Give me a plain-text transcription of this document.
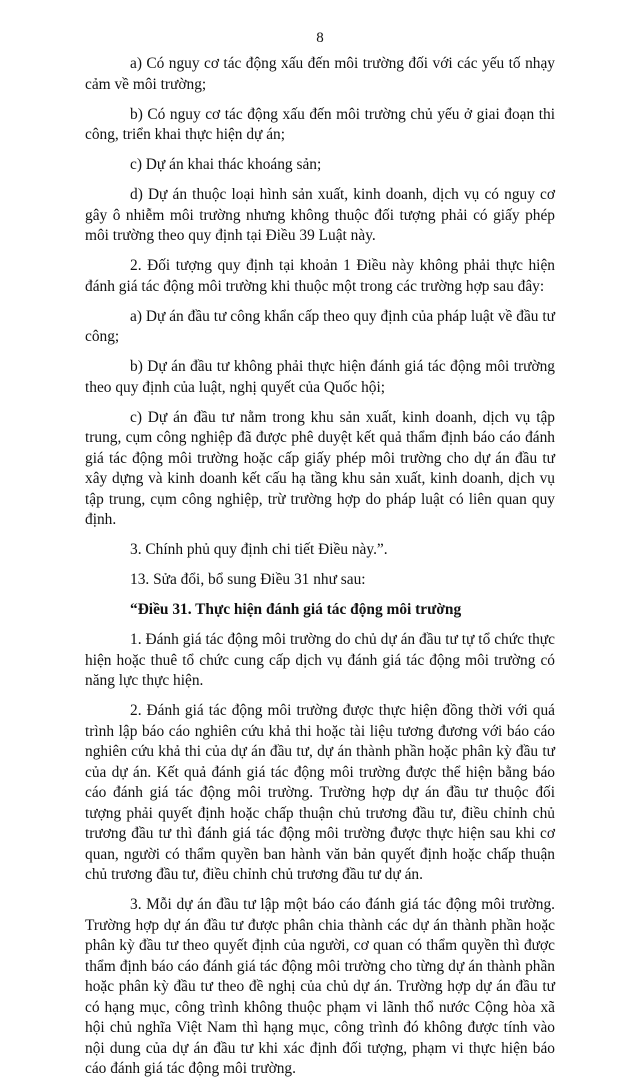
8

a) Có nguy cơ tác động xấu đến môi trường đối với các yếu tố nhạy cảm về môi trường;

b) Có nguy cơ tác động xấu đến môi trường chủ yếu ở giai đoạn thi công, triển khai thực hiện dự án;

c) Dự án khai thác khoáng sản;

d) Dự án thuộc loại hình sản xuất, kinh doanh, dịch vụ có nguy cơ gây ô nhiễm môi trường nhưng không thuộc đối tượng phải có giấy phép môi trường theo quy định tại Điều 39 Luật này.

2. Đối tượng quy định tại khoản 1 Điều này không phải thực hiện đánh giá tác động môi trường khi thuộc một trong các trường hợp sau đây:

a) Dự án đầu tư công khẩn cấp theo quy định của pháp luật về đầu tư công;

b) Dự án đầu tư không phải thực hiện đánh giá tác động môi trường theo quy định của luật, nghị quyết của Quốc hội;

c) Dự án đầu tư nằm trong khu sản xuất, kinh doanh, dịch vụ tập trung, cụm công nghiệp đã được phê duyệt kết quả thẩm định báo cáo đánh giá tác động môi trường hoặc cấp giấy phép môi trường cho dự án đầu tư xây dựng và kinh doanh kết cấu hạ tầng khu sản xuất, kinh doanh, dịch vụ tập trung, cụm công nghiệp, trừ trường hợp do pháp luật có liên quan quy định.

3. Chính phủ quy định chi tiết Điều này.”.

13. Sửa đổi, bổ sung Điều 31 như sau:

“Điều 31. Thực hiện đánh giá tác động môi trường

1. Đánh giá tác động môi trường do chủ dự án đầu tư tự tổ chức thực hiện hoặc thuê tổ chức cung cấp dịch vụ đánh giá tác động môi trường có năng lực thực hiện.

2. Đánh giá tác động môi trường được thực hiện đồng thời với quá trình lập báo cáo nghiên cứu khả thi hoặc tài liệu tương đương với báo cáo nghiên cứu khả thi của dự án đầu tư, dự án thành phần hoặc phân kỳ đầu tư của dự án. Kết quả đánh giá tác động môi trường được thể hiện bằng báo cáo đánh giá tác động môi trường. Trường hợp dự án đầu tư thuộc đối tượng phải quyết định hoặc chấp thuận chủ trương đầu tư, điều chỉnh chủ trương đầu tư thì đánh giá tác động môi trường được thực hiện sau khi cơ quan, người có thẩm quyền ban hành văn bản quyết định hoặc chấp thuận chủ trương đầu tư, điều chỉnh chủ trương đầu tư dự án.

3. Mỗi dự án đầu tư lập một báo cáo đánh giá tác động môi trường. Trường hợp dự án đầu tư được phân chia thành các dự án thành phần hoặc phân kỳ đầu tư theo quyết định của người, cơ quan có thẩm quyền thì được thẩm định báo cáo đánh giá tác động môi trường cho từng dự án thành phần hoặc phân kỳ đầu tư theo đề nghị của chủ dự án. Trường hợp dự án đầu tư có hạng mục, công trình không thuộc phạm vi lãnh thổ nước Cộng hòa xã hội chủ nghĩa Việt Nam thì hạng mục, công trình đó không được tính vào nội dung của dự án đầu tư khi xác định đối tượng, phạm vi thực hiện báo cáo đánh giá tác động môi trường.
